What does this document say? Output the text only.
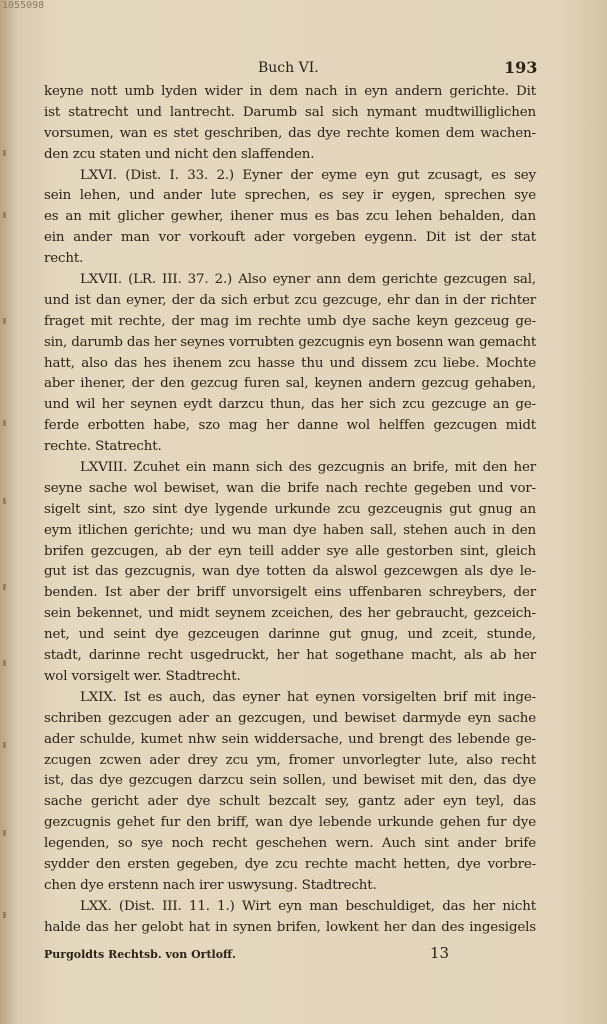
1055098
Buch VI.	193
keyne nott umb lyden wider in dem nach in eyn andern gerichte. Dit
ist statrecht und lantrecht. Darumb sal sich nymant mudtwilliglichen
vorsumen, wan es stet geschriben, das dye rechte komen dem wachen-
den zcu staten und nicht den slaffenden.
LXVI. (Dist. I. 33. 2.) Eyner der eyme eyn gut zcusagt, es sey
sein lehen, und ander lute sprechen, es sey ir eygen, sprechen sye
es an mit glicher gewher, ihener mus es bas zcu lehen behalden, dan
ein ander man vor vorkouft ader vorgeben eygenn. Dit ist der stat
recht.
LXVII. (LR. III. 37. 2.) Also eyner ann dem gerichte gezcugen sal,
und ist dan eyner, der da sich erbut zcu gezcuge, ehr dan in der richter
fraget mit rechte, der mag im rechte umb dye sache keyn gezceug ge-
sin, darumb das her seynes vorrubten gezcugnis eyn bosenn wan gemacht
hatt, also das hes ihenem zcu hasse thu und dissem zcu liebe. Mochte
aber ihener, der den gezcug furen sal, keynen andern gezcug gehaben,
und wil her seynen eydt darzcu thun, das her sich zcu gezcuge an ge-
ferde erbotten habe, szo mag her danne wol helffen gezcugen midt
rechte. Statrecht.
LXVIII. Zcuhet ein mann sich des gezcugnis an brife, mit den her
seyne sache wol bewiset, wan die brife nach rechte gegeben und vor-
sigelt sint, szo sint dye lygende urkunde zcu gezceugnis gut gnug an
eym itlichen gerichte; und wu man dye haben sall, stehen auch in den
brifen gezcugen, ab der eyn teill adder sye alle gestorben sint, gleich
gut ist das gezcugnis, wan dye totten da alswol gezcewgen als dye le-
benden. Ist aber der briff unvorsigelt eins uffenbaren schreybers, der
sein bekennet, und midt seynem zceichen, des her gebraucht, gezceich-
net, und seint dye gezceugen darinne gut gnug, und zceit, stunde,
stadt, darinne recht usgedruckt, her hat sogethane macht, als ab her
wol vorsigelt wer. Stadtrecht.
LXIX. Ist es auch, das eyner hat eynen vorsigelten brif mit inge-
schriben gezcugen ader an gezcugen, und bewiset darmyde eyn sache
ader schulde, kumet nhw sein widdersache, und brengt des lebende ge-
zcugen zcwen ader drey zcu ym, fromer unvorlegter lute, also recht
ist, das dye gezcugen darzcu sein sollen, und bewiset mit den, das dye
sache gericht ader dye schult bezcalt sey, gantz ader eyn teyl, das
gezcugnis gehet fur den briff, wan dye lebende urkunde gehen fur dye
legenden, so sye noch recht geschehen wern. Auch sint ander brife
sydder den ersten gegeben, dye zcu rechte macht hetten, dye vorbre-
chen dye erstenn nach irer uswysung. Stadtrecht.
LXX. (Dist. III. 11. 1.) Wirt eyn man beschuldiget, das her nicht
halde das her gelobt hat in synen brifen, lowkent her dan des ingesigels
Purgoldts Rechtsb. von Ortloff.	13
